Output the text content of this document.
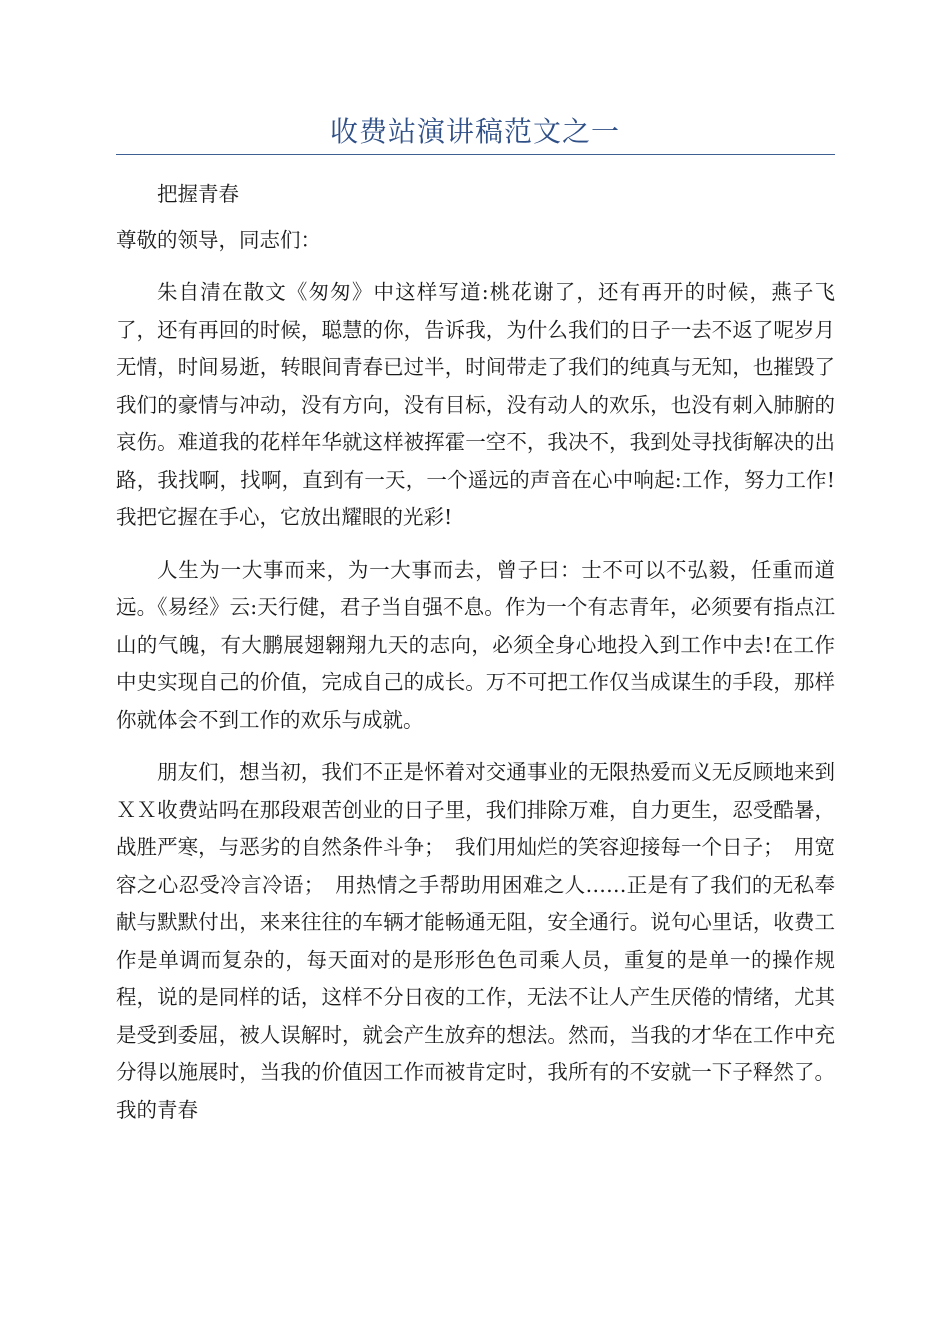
收费站演讲稿范文之一

把握青春

尊敬的领导，同志们：

朱自清在散文《匆匆》中这样写道:桃花谢了，还有再开的时候，燕子飞了，还有再回的时候，聪慧的你，告诉我，为什么我们的日子一去不返了呢岁月无情，时间易逝，转眼间青春已过半，时间带走了我们的纯真与无知，也摧毁了我们的豪情与冲动，没有方向，没有目标，没有动人的欢乐，也没有刺入肺腑的哀伤。难道我的花样年华就这样被挥霍一空不，我决不，我到处寻找街解决的出路，我找啊，找啊，直到有一天，一个遥远的声音在心中响起:工作，努力工作!我把它握在手心，它放出耀眼的光彩!

人生为一大事而来，为一大事而去，曾子曰：士不可以不弘毅，任重而道远。《易经》云:天行健，君子当自强不息。作为一个有志青年，必须要有指点江山的气魄，有大鹏展翅翱翔九天的志向，必须全身心地投入到工作中去!在工作中史实现自己的价值，完成自己的成长。万不可把工作仅当成谋生的手段，那样你就体会不到工作的欢乐与成就。

朋友们，想当初，我们不正是怀着对交通事业的无限热爱而义无反顾地来到ＸＸ收费站吗在那段艰苦创业的日子里，我们排除万难，自力更生，忍受酷暑，战胜严寒，与恶劣的自然条件斗争；　我们用灿烂的笑容迎接每一个日子；　用宽容之心忍受冷言冷语；　用热情之手帮助用困难之人……正是有了我们的无私奉献与默默付出，来来往往的车辆才能畅通无阻，安全通行。说句心里话，收费工作是单调而复杂的，每天面对的是形形色色司乘人员，重复的是单一的操作规程，说的是同样的话，这样不分日夜的工作，无法不让人产生厌倦的情绪，尤其是受到委屈，被人误解时，就会产生放弃的想法。然而，当我的才华在工作中充分得以施展时，当我的价值因工作而被肯定时，我所有的不安就一下子释然了。我的青春
